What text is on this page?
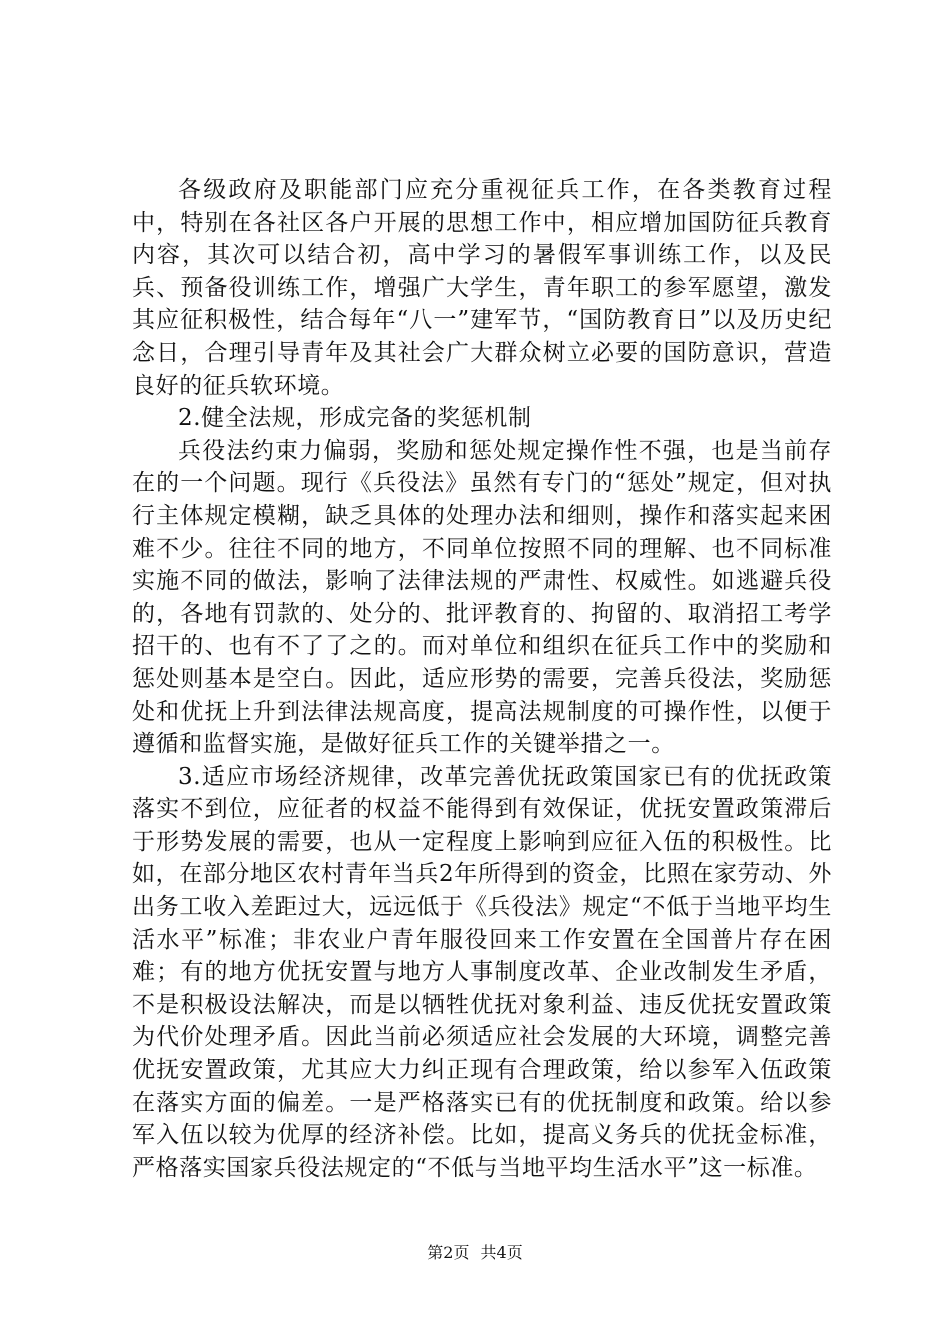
各级政府及职能部门应充分重视征兵工作，在各类教育过程中，特别在各社区各户开展的思想工作中，相应增加国防征兵教育内容，其次可以结合初，高中学习的暑假军事训练工作，以及民兵、预备役训练工作，增强广大学生，青年职工的参军愿望，激发其应征积极性，结合每年“八一”建军节，“国防教育日”以及历史纪念日，合理引导青年及其社会广大群众树立必要的国防意识，营造良好的征兵软环境。

2.健全法规，形成完备的奖惩机制

兵役法约束力偏弱，奖励和惩处规定操作性不强，也是当前存在的一个问题。现行《兵役法》虽然有专门的“惩处”规定，但对执行主体规定模糊，缺乏具体的处理办法和细则，操作和落实起来困难不少。往往不同的地方，不同单位按照不同的理解、也不同标准实施不同的做法，影响了法律法规的严肃性、权威性。如逃避兵役的，各地有罚款的、处分的、批评教育的、拘留的、取消招工考学招干的、也有不了了之的。而对单位和组织在征兵工作中的奖励和惩处则基本是空白。因此，适应形势的需要，完善兵役法，奖励惩处和优抚上升到法律法规高度，提高法规制度的可操作性，以便于遵循和监督实施，是做好征兵工作的关键举措之一。

3.适应市场经济规律，改革完善优抚政策国家已有的优抚政策落实不到位，应征者的权益不能得到有效保证，优抚安置政策滞后于形势发展的需要，也从一定程度上影响到应征入伍的积极性。比如，在部分地区农村青年当兵2年所得到的资金，比照在家劳动、外出务工收入差距过大，远远低于《兵役法》规定“不低于当地平均生活水平”标准；非农业户青年服役回来工作安置在全国普片存在困难；有的地方优抚安置与地方人事制度改革、企业改制发生矛盾，不是积极设法解决，而是以牺牲优抚对象利益、违反优抚安置政策为代价处理矛盾。因此当前必须适应社会发展的大环境，调整完善优抚安置政策，尤其应大力纠正现有合理政策，给以参军入伍政策在落实方面的偏差。一是严格落实已有的优抚制度和政策。给以参军入伍以较为优厚的经济补偿。比如，提高义务兵的优抚金标准，严格落实国家兵役法规定的“不低与当地平均生活水平”这一标准。

第2页 共4页
